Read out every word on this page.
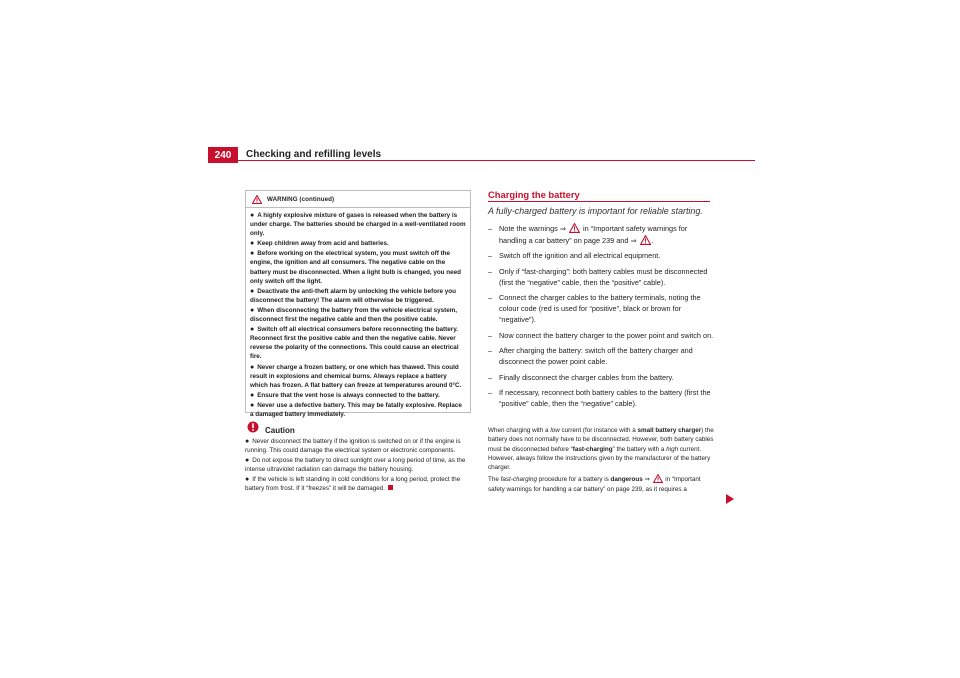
240	Checking and refilling levels
WARNING (continued)
● A highly explosive mixture of gases is released when the battery is under charge. The batteries should be charged in a well-ventilated room only.
● Keep children away from acid and batteries.
● Before working on the electrical system, you must switch off the engine, the ignition and all consumers. The negative cable on the battery must be disconnected. When a light bulb is changed, you need only switch off the light.
● Deactivate the anti-theft alarm by unlocking the vehicle before you disconnect the battery! The alarm will otherwise be triggered.
● When disconnecting the battery from the vehicle electrical system, disconnect first the negative cable and then the positive cable.
● Switch off all electrical consumers before reconnecting the battery. Reconnect first the positive cable and then the negative cable. Never reverse the polarity of the connections. This could cause an electrical fire.
● Never charge a frozen battery, or one which has thawed. This could result in explosions and chemical burns. Always replace a battery which has frozen. A flat battery can freeze at temperatures around 0°C.
● Ensure that the vent hose is always connected to the battery.
● Never use a defective battery. This may be fatally explosive. Replace a damaged battery immediately.
Caution
● Never disconnect the battery if the ignition is switched on or if the engine is running. This could damage the electrical system or electronic components.
● Do not expose the battery to direct sunlight over a long period of time, as the intense ultraviolet radiation can damage the battery housing.
● If the vehicle is left standing in cold conditions for a long period, protect the battery from frost. If it “freezes” it will be damaged.
Charging the battery
A fully-charged battery is important for reliable starting.
– Note the warnings ⇒ in “Important safety warnings for handling a car battery” on page 239 and ⇒ .
– Switch off the ignition and all electrical equipment.
– Only if “fast-charging”: both battery cables must be disconnected (first the “negative” cable, then the “positive” cable).
– Connect the charger cables to the battery terminals, noting the colour code (red is used for “positive”, black or brown for “negative”).
– Now connect the battery charger to the power point and switch on.
– After charging the battery: switch off the battery charger and disconnect the power point cable.
– Finally disconnect the charger cables from the battery.
– If necessary, reconnect both battery cables to the battery (first the “positive” cable, then the “negative” cable).

When charging with a low current (for instance with a small battery charger) the battery does not normally have to be disconnected. However, both battery cables must be disconnected before “fast-charging” the battery with a high current. However, always follow the instructions given by the manufacturer of the battery charger.

The fast-charging procedure for a battery is dangerous ⇒  in “Important safety warnings for handling a car battery” on page 239, as it requires a
